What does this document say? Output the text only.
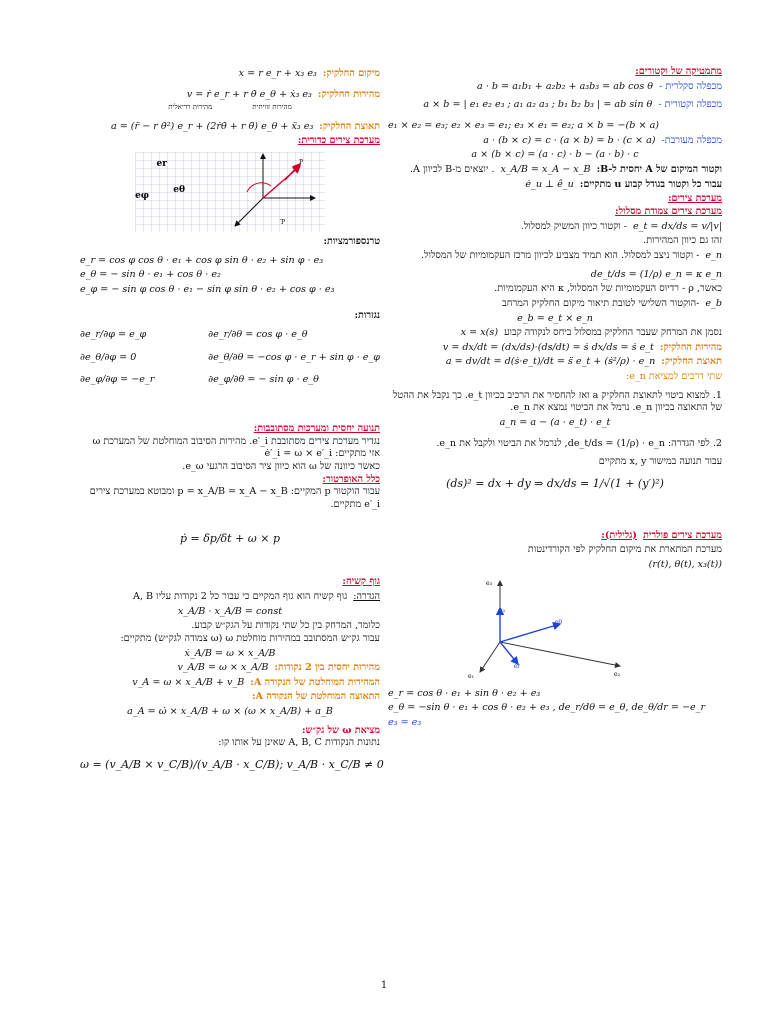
מתמטיקה של וקטורים:
מכפלה סקלרית -
a · b = a₁b₁ + a₂b₂ + a₃b₃ = ab cos θ
מכפלה וקטורית -
a × b = | e₁ e₂ e₃ ; a₁ a₂ a₃ ; b₁ b₂ b₃ | = ab sin θ
e₁ × e₂ = e₃; e₂ × e₃ = e₁; e₃ × e₁ = e₂; a × b = −(b × a)
מכפלה מעורבת-
a · (b × c) = c · (a × b) = b · (c × a)
a × (b × c) = (a · c) · b − (a · b) · c
וקטור המיקום של A יחסית ל-B:
x_A/B = x_A − x_B
. יוצאים מ-B לכיוון A.
עבור כל וקטור בגודל קבוע u מתקיים:
ė_u ⊥ ê_u
מערכת צירים:
מערכת צירים צמודת מסלול:
e_t = dx/ds = v/|v|
- וקטור כיוון המשיק למסלול.
זהו גם כיוון המהירות.
e_n
- וקטור ניצב למסלול. הוא תמיד מצביע לכיוון מרכז העקמומיות של המסלול.
de_t/ds = (1/ρ) e_n = κ e_n
כאשר, ρ - רדיוס העקמומיות של המסלול, κ היא העקמומיות.
e_b
-הוקטור השלישי לטובת תיאור מיקום החלקיק המרחב
e_b = e_t × e_n
נסמן את המרחק שעבר החלקיק במסלול ביחס לנקודה קבוע
x = x(s)
מהירות החלקיק:
v = dx/dt = (dx/ds)·(ds/dt) = ṡ dx/ds = ṡ e_t
תאוצת החלקיק:
a = dv/dt = d(ṡ·e_t)/dt = s̈ e_t + (ṡ²/ρ) · e_n
שתי דרכים למציאת e_n:
1. למצוא ביטוי לתאוצת החלקיק a ואז להחסיר את הרכיב בכיוון e_t. כך נקבל את ההטל של התאוצה בכיוון e_n. נרמל את הביטוי נמצא את e_n.
a_n = a − (a · e_t) · e_t
2. לפי הגדרה: de_t/ds = (1/ρ) · e_n, לנרמל את הביטוי ולקבל את e_n.
עבור תנועה במישור x, y מתקיים
(ds)² = dx + dy ⇒ dx/ds = 1/√(1 + (y′)²)
מערכת צירים פולרית
(גלילית):
מערכת המתארת את מיקום החלקיק לפי הקורדינטות
(r(t), θ(t), x₃(t))
e₃
e₃
eθ
er
e₁	e₂
e_r = cos θ · e₁ + sin θ · e₂ + e₃
e_θ = −sin θ · e₁ + cos θ · e₂ + e₃ , de_r/dθ = e_θ, de_θ/dr = −e_r
e₃ = e₃
מיקום החלקיק:
x = r e_r + x₃ e₃
מהירות החלקיק:
v = ṙ e_r + r θ̇ e_θ + ẋ₃ e₃
מהירות זוויתית
מהירות רדיאלית
תאוצת החלקיק:
a = (r̈ − r θ̇²) e_r + (2ṙθ̇ + r θ̈) e_θ + ẍ₃ e₃
מערכת צירים כדורית:
er
eφ
eθ
P
P′
טרנספורמציות:
e_r = cos φ cos θ · e₁ + cos φ sin θ · e₂ + sin φ · e₃
e_θ = − sin θ · e₁ + cos θ · e₂
e_φ = − sin φ cos θ · e₁ − sin φ sin θ · e₂ + cos φ · e₃
נגזרות:
∂e_r/∂φ = e_φ	∂e_r/∂θ = cos φ · e_θ
∂e_θ/∂φ = 0	∂e_θ/∂θ = −cos φ · e_r + sin φ · e_φ
∂e_φ/∂φ = −e_r	∂e_φ/∂θ = − sin φ · e_θ
תנועה יחסית ומערכות מסתובבות:
נגדיר מערכת צירים מסתובבת e′_i. מהירות הסיבוב המוחלטת של המערכת ω אזי מתקיים: ė′_i = ω × e′_i
כאשר כיוונה של ω הוא כיוון ציר הסיבוב הרגעי e_ω.
כלל האופרטור:
עבור הוקטור p המקיים: p = x_A/B = x_A − x_B ומבוטא במערכת צירים e′_i מתקיים.
ṗ = δp/δt + ω × p
גוף קשיח:
הגדרה:
גוף קשיח הוא גוף המקיים כי עבור כל 2 נקודות עליו A, B
x_A/B · x_A/B = const
כלומר, המרחק בין כל שתי נקודות על הגק״ש קבוע.
עבור גק״ש המסתובב במהירות מוחלטת ω (ω צמודה לגק״ש) מתקיים:
ẋ_A/B = ω × x_A/B
מהירות יחסית בין 2 נקודות:
v_A/B = ω × x_A/B
המהירות המוחלטת של הנקודה A:
v_A = ω × x_A/B + v_B
התאוצה המוחלטת של הנקודה A:
a_A = ω̇ × x_A/B + ω × (ω × x_A/B) + a_B
מציאת ω של גק״ש:
נתונות הנקודות A, B, C שאינן על אותו קו:
ω = (v_A/B × v_C/B)/(v_A/B · x_C/B); v_A/B · x_C/B ≠ 0
1
